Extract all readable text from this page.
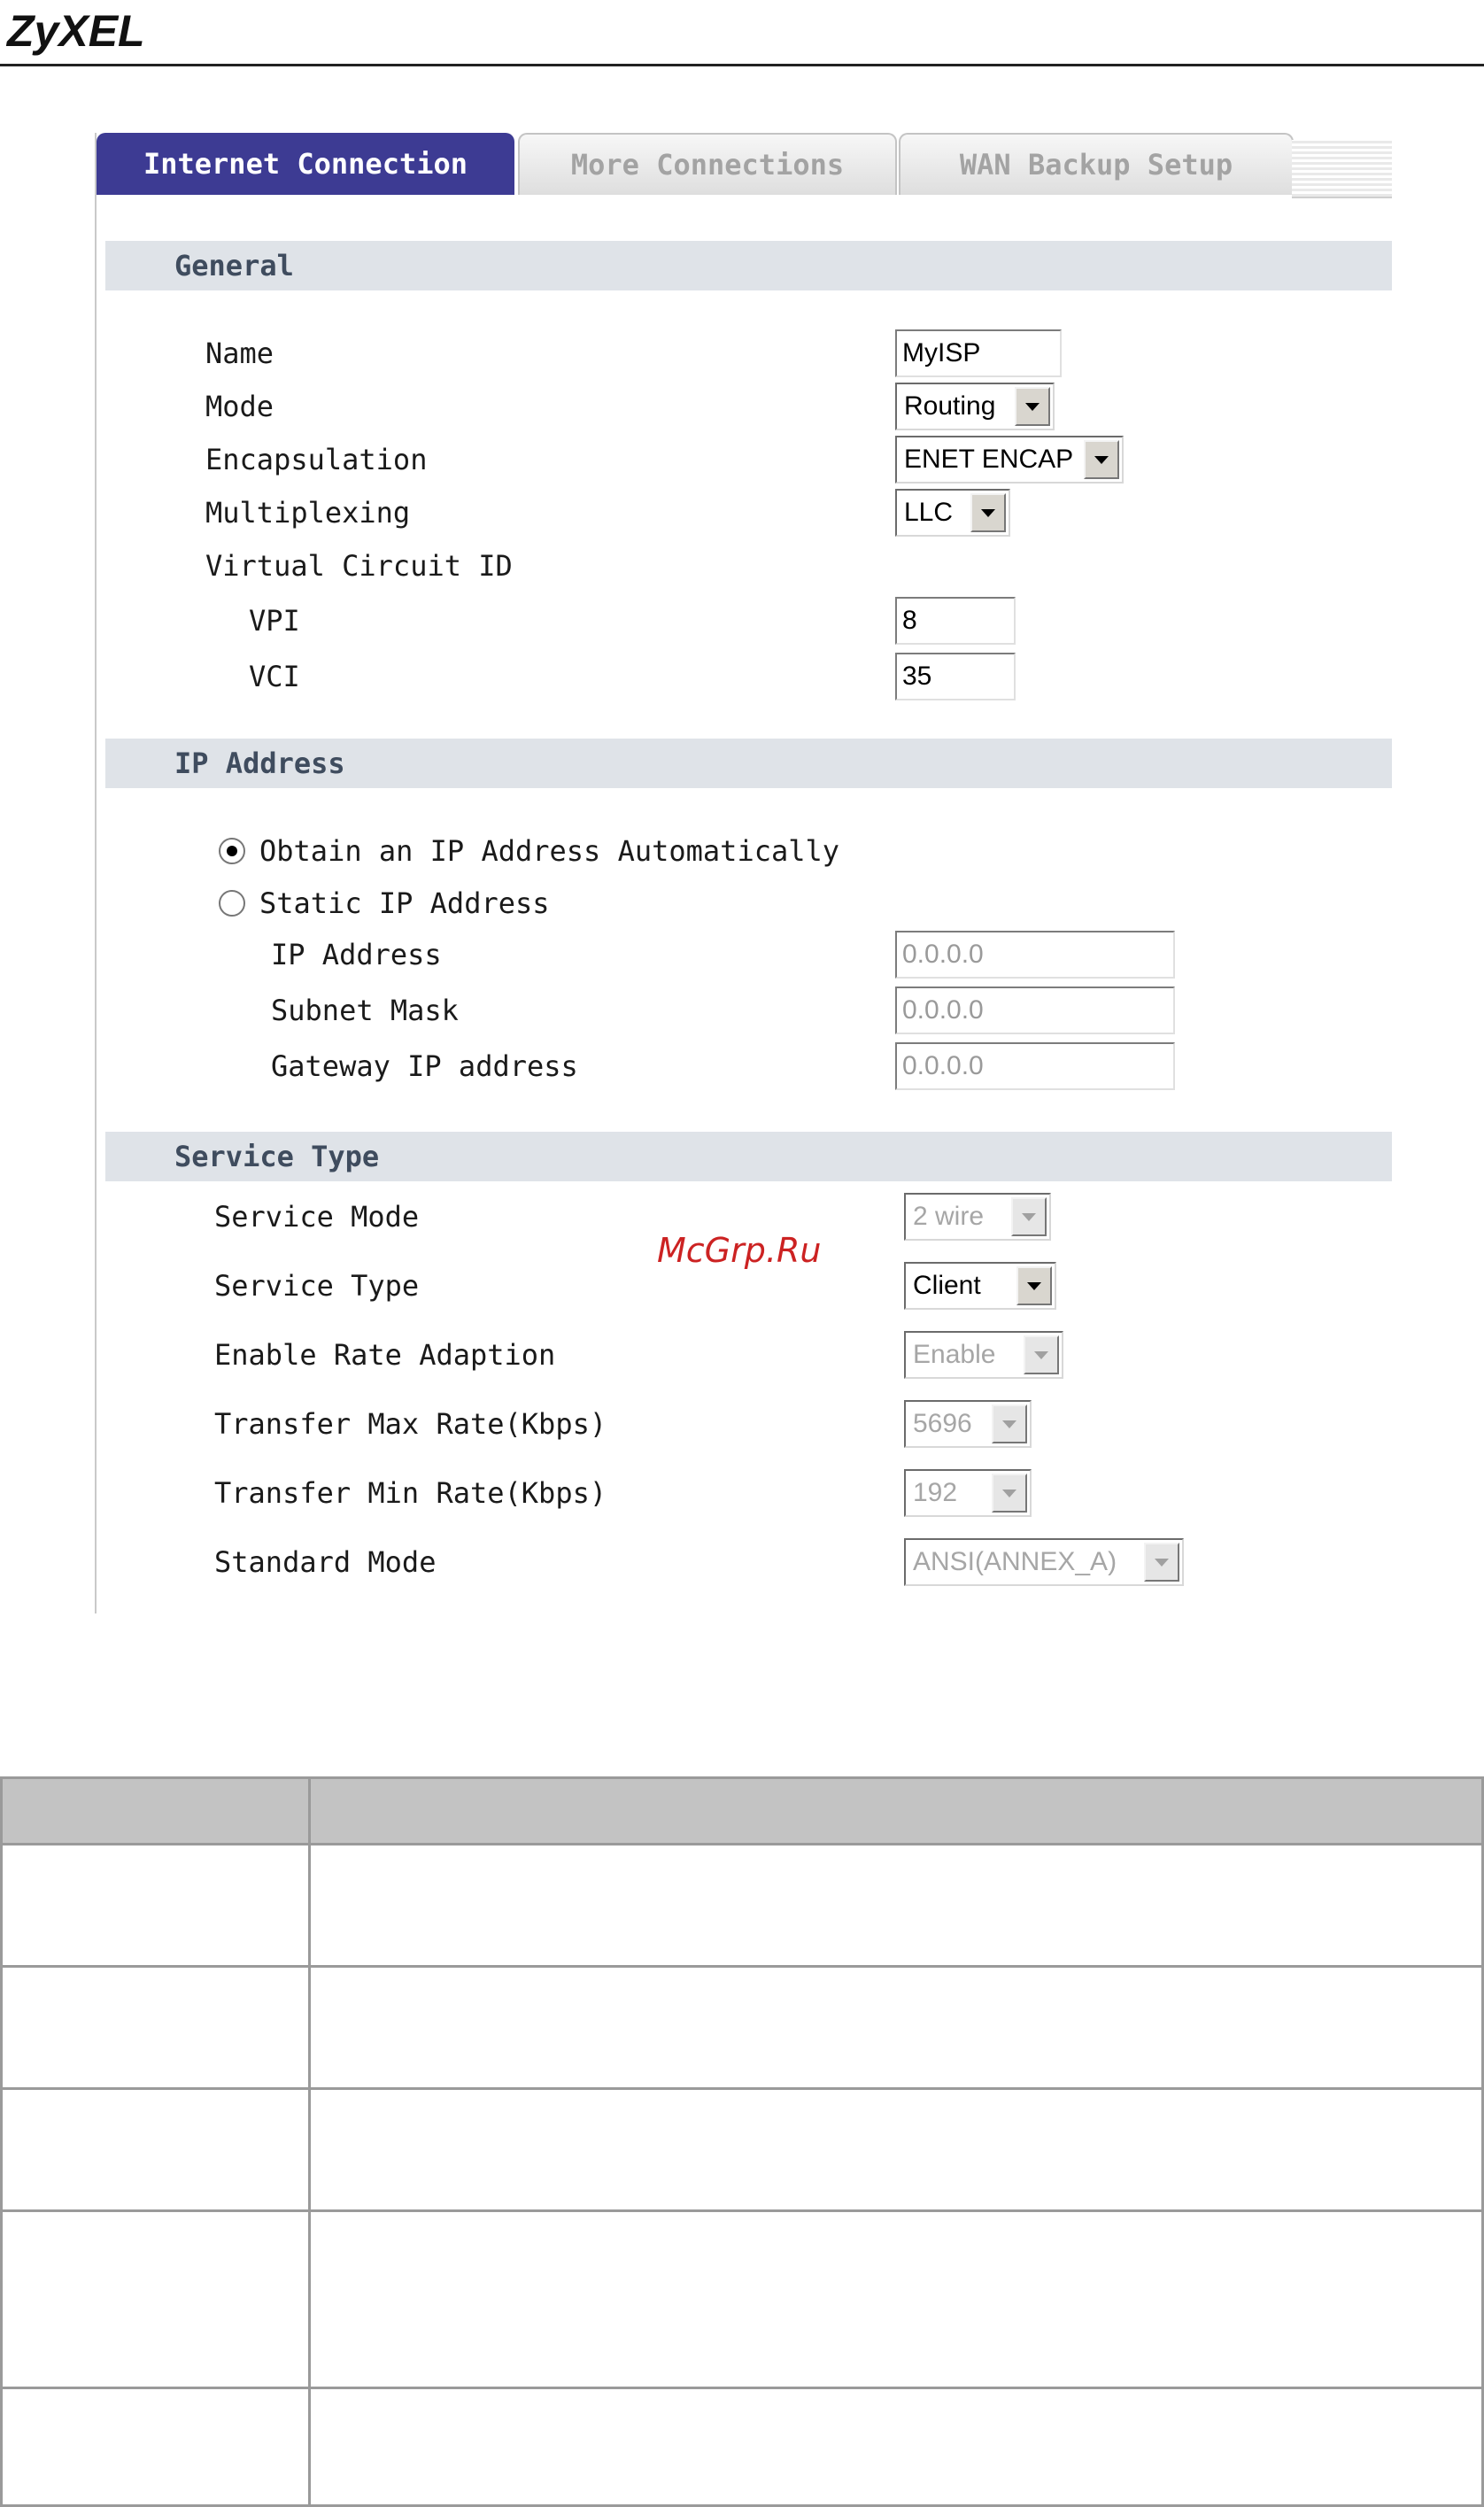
ZyXEL
Internet Connection	More Connections	WAN Backup Setup
General
Name	MyISP
Mode	Routing
Encapsulation	ENET ENCAP
Multiplexing	LLC
Virtual Circuit ID
VPI	8
VCI	35
IP Address
Obtain an IP Address Automatically
Static IP Address
IP Address	0.0.0.0
Subnet Mask	0.0.0.0
Gateway IP address	0.0.0.0
Service Type
Service Mode	2 wire
Service Type	Client
Enable Rate Adaption	Enable
Transfer Max Rate(Kbps)	5696
Transfer Min Rate(Kbps)	192
Standard Mode	ANSI(ANNEX_A)
McGrp.Ru
